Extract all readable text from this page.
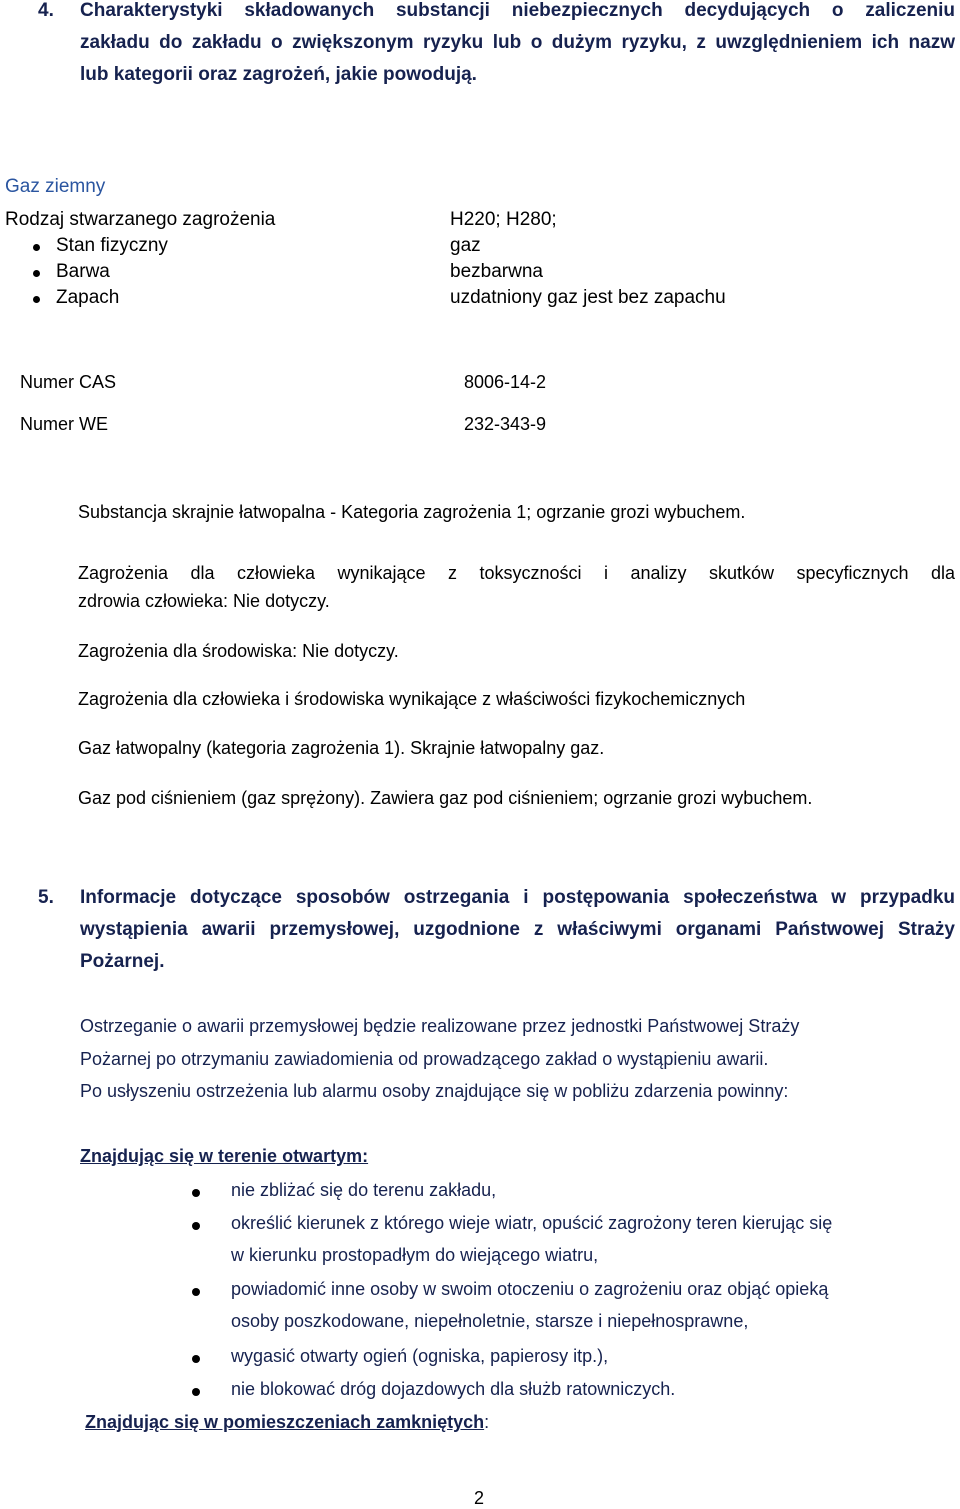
4. Charakterystyki składowanych substancji niebezpiecznych decydujących o zaliczeniu
zakładu do zakładu o zwiększonym ryzyku lub o dużym ryzyku, z uwzględnieniem ich nazw
lub kategorii oraz zagrożeń, jakie powodują.
Gaz ziemny
Rodzaj stwarzanego zagrożenia	H220; H280;
Stan fizyczny	gaz
Barwa	bezbarwna
Zapach	uzdatniony gaz jest bez zapachu
Numer CAS	8006-14-2
Numer WE	232-343-9
Substancja skrajnie łatwopalna - Kategoria zagrożenia 1; ogrzanie grozi wybuchem.
Zagrożenia dla człowieka wynikające z toksyczności i analizy skutków specyficznych dla
zdrowia człowieka: Nie dotyczy.
Zagrożenia dla środowiska: Nie dotyczy.
Zagrożenia dla człowieka i środowiska wynikające z właściwości fizykochemicznych
Gaz łatwopalny (kategoria zagrożenia 1). Skrajnie łatwopalny gaz.
Gaz pod ciśnieniem (gaz sprężony). Zawiera gaz pod ciśnieniem; ogrzanie grozi wybuchem.
5. Informacje dotyczące sposobów ostrzegania i postępowania społeczeństwa w przypadku
wystąpienia awarii przemysłowej, uzgodnione z właściwymi organami Państwowej Straży
Pożarnej.
Ostrzeganie o awarii przemysłowej będzie realizowane przez jednostki Państwowej Straży
Pożarnej po otrzymaniu zawiadomienia od prowadzącego zakład o wystąpieniu awarii.
Po usłyszeniu ostrzeżenia lub alarmu osoby znajdujące się w pobliżu zdarzenia powinny:
Znajdując się w terenie otwartym:
nie zbliżać się do terenu zakładu,
określić kierunek z którego wieje wiatr, opuścić zagrożony teren kierując się
w kierunku prostopadłym do wiejącego wiatru,
powiadomić inne osoby w swoim otoczeniu o zagrożeniu oraz objąć opieką
osoby poszkodowane, niepełnoletnie, starsze i niepełnosprawne,
wygasić otwarty ogień (ogniska, papierosy itp.),
nie blokować dróg dojazdowych dla służb ratowniczych.
Znajdując się w pomieszczeniach zamkniętych:
2
